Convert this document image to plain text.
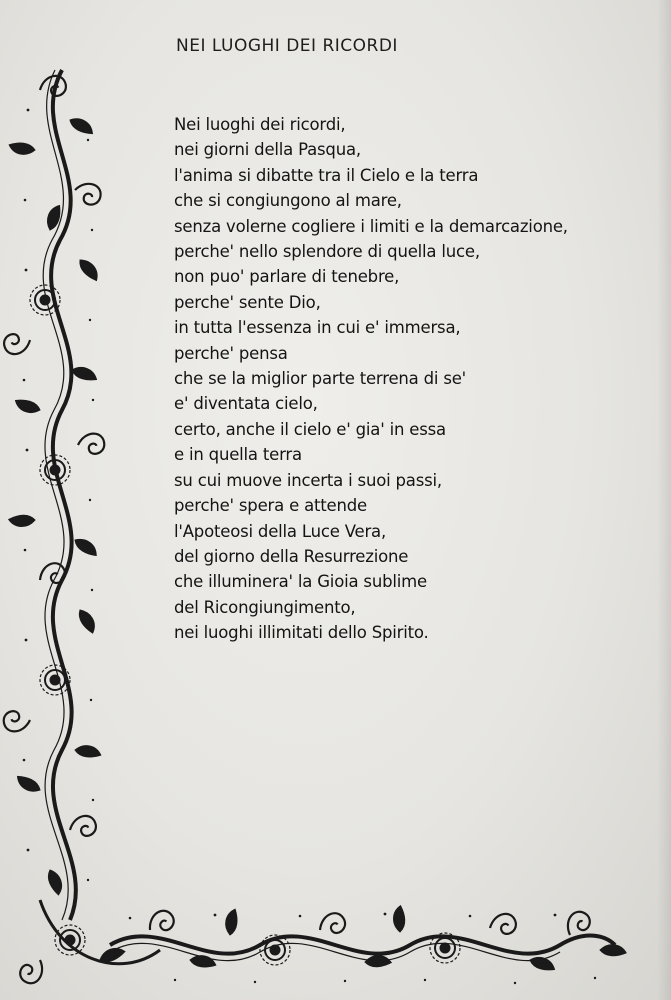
NEI LUOGHI DEI RICORDI
Nei luoghi dei ricordi,
nei giorni della Pasqua,
l'anima si dibatte tra il Cielo e la terra
che si congiungono al mare,
senza volerne cogliere i limiti e la demarcazione,
perche' nello splendore di quella luce,
non puo' parlare di tenebre,
perche' sente Dio,
in tutta l'essenza in cui e' immersa,
perche' pensa
che se la miglior parte terrena di se'
e' diventata cielo,
certo, anche il cielo e' gia' in essa
e in quella terra
su cui muove incerta i suoi passi,
perche' spera e attende
l'Apoteosi della Luce Vera,
del giorno della Resurrezione
che illuminera' la Gioia sublime
del Ricongiungimento,
nei luoghi illimitati dello Spirito.
